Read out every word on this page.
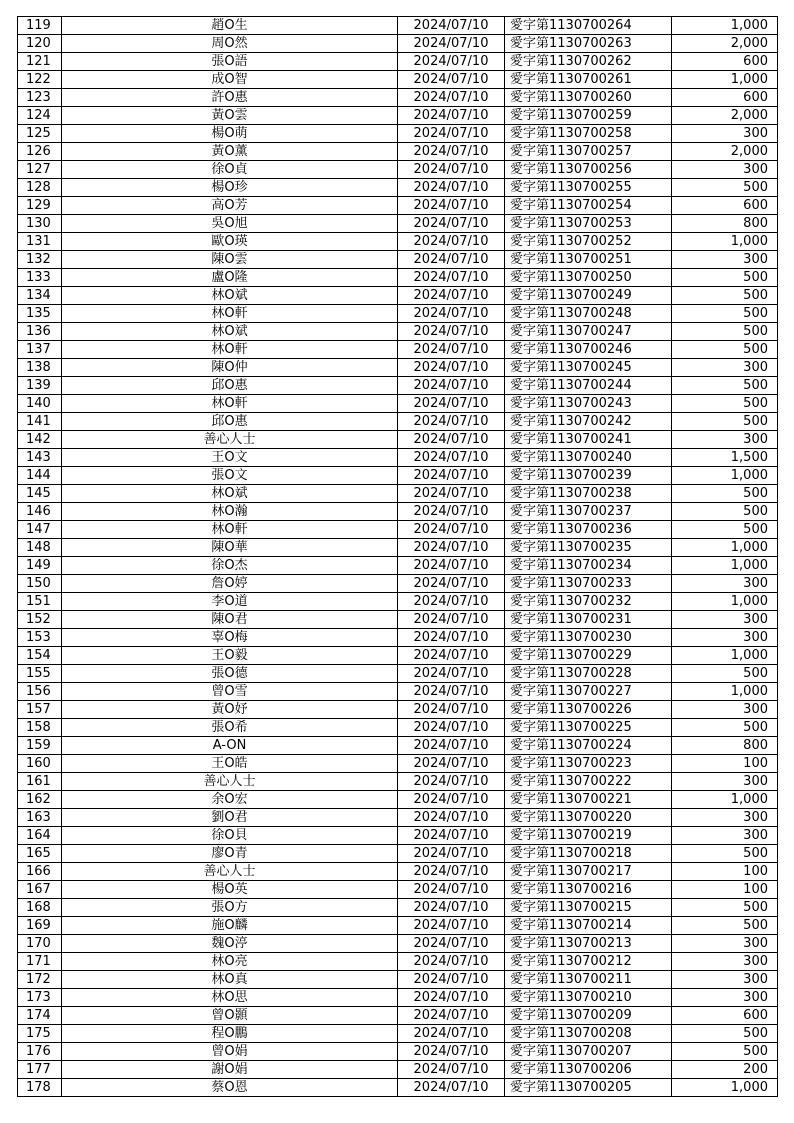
119	趙O生	2024/07/10	愛字第1130700264	1,000
120	周O然	2024/07/10	愛字第1130700263	2,000
121	張O語	2024/07/10	愛字第1130700262	600
122	成O智	2024/07/10	愛字第1130700261	1,000
123	許O惠	2024/07/10	愛字第1130700260	600
124	黃O雲	2024/07/10	愛字第1130700259	2,000
125	楊O萌	2024/07/10	愛字第1130700258	300
126	黃O薰	2024/07/10	愛字第1130700257	2,000
127	徐O貞	2024/07/10	愛字第1130700256	300
128	楊O珍	2024/07/10	愛字第1130700255	500
129	高O芳	2024/07/10	愛字第1130700254	600
130	吳O旭	2024/07/10	愛字第1130700253	800
131	歐O瑛	2024/07/10	愛字第1130700252	1,000
132	陳O雲	2024/07/10	愛字第1130700251	300
133	盧O隆	2024/07/10	愛字第1130700250	500
134	林O斌	2024/07/10	愛字第1130700249	500
135	林O軒	2024/07/10	愛字第1130700248	500
136	林O斌	2024/07/10	愛字第1130700247	500
137	林O軒	2024/07/10	愛字第1130700246	500
138	陳O仲	2024/07/10	愛字第1130700245	300
139	邱O惠	2024/07/10	愛字第1130700244	500
140	林O軒	2024/07/10	愛字第1130700243	500
141	邱O惠	2024/07/10	愛字第1130700242	500
142	善心人士	2024/07/10	愛字第1130700241	300
143	王O文	2024/07/10	愛字第1130700240	1,500
144	張O文	2024/07/10	愛字第1130700239	1,000
145	林O斌	2024/07/10	愛字第1130700238	500
146	林O瀚	2024/07/10	愛字第1130700237	500
147	林O軒	2024/07/10	愛字第1130700236	500
148	陳O華	2024/07/10	愛字第1130700235	1,000
149	徐O杰	2024/07/10	愛字第1130700234	1,000
150	詹O婷	2024/07/10	愛字第1130700233	300
151	李O道	2024/07/10	愛字第1130700232	1,000
152	陳O君	2024/07/10	愛字第1130700231	300
153	辜O梅	2024/07/10	愛字第1130700230	300
154	王O毅	2024/07/10	愛字第1130700229	1,000
155	張O德	2024/07/10	愛字第1130700228	500
156	曾O雪	2024/07/10	愛字第1130700227	1,000
157	黃O妤	2024/07/10	愛字第1130700226	300
158	張O希	2024/07/10	愛字第1130700225	500
159	A-ON	2024/07/10	愛字第1130700224	800
160	王O皓	2024/07/10	愛字第1130700223	100
161	善心人士	2024/07/10	愛字第1130700222	300
162	余O宏	2024/07/10	愛字第1130700221	1,000
163	劉O君	2024/07/10	愛字第1130700220	300
164	徐O貝	2024/07/10	愛字第1130700219	300
165	廖O青	2024/07/10	愛字第1130700218	500
166	善心人士	2024/07/10	愛字第1130700217	100
167	楊O英	2024/07/10	愛字第1130700216	100
168	張O方	2024/07/10	愛字第1130700215	500
169	施O麟	2024/07/10	愛字第1130700214	500
170	魏O渟	2024/07/10	愛字第1130700213	300
171	林O亮	2024/07/10	愛字第1130700212	300
172	林O真	2024/07/10	愛字第1130700211	300
173	林O思	2024/07/10	愛字第1130700210	300
174	曾O顥	2024/07/10	愛字第1130700209	600
175	程O鵬	2024/07/10	愛字第1130700208	500
176	曾O娟	2024/07/10	愛字第1130700207	500
177	謝O娟	2024/07/10	愛字第1130700206	200
178	蔡O恩	2024/07/10	愛字第1130700205	1,000
